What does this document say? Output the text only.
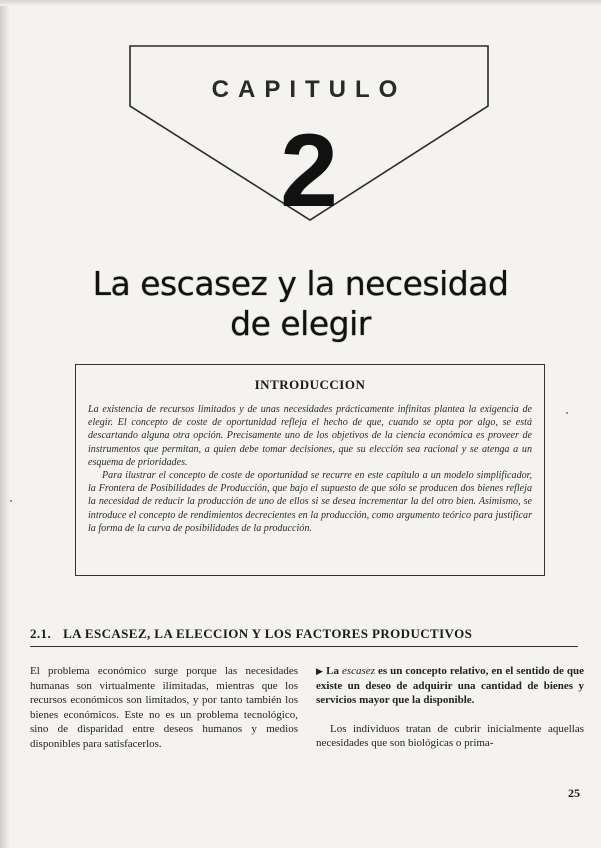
CAPITULO
2
La escasez y la necesidad
de elegir
INTRODUCCION

La existencia de recursos limitados y de unas necesidades prácticamente infinitas plantea la exigencia de elegir. El concepto de coste de oportunidad refleja el hecho de que, cuando se opta por algo, se está descartando alguna otra opción. Precisamente uno de los objetivos de la ciencia económica es proveer de instrumentos que permitan, a quien debe tomar decisiones, que su elección sea racional y se atenga a un esquema de prioridades.

Para ilustrar el concepto de coste de oportunidad se recurre en este capítulo a un modelo simplificador, la Frontera de Posibilidades de Producción, que bajo el supuesto de que sólo se producen dos bienes refleja la necesidad de reducir la producción de uno de ellos si se desea incrementar la del otro bien. Asimismo, se introduce el concepto de rendimientos decrecientes en la producción, como argumento teórico para justificar la forma de la curva de posibilidades de la producción.

2.1. LA ESCASEZ, LA ELECCION Y LOS FACTORES PRODUCTIVOS

El problema económico surge porque las necesidades humanas son virtualmente ilimitadas, mientras que los recursos económicos son limitados, y por tanto también los bienes económicos. Este no es un problema tecnológico, sino de disparidad entre deseos humanos y medios disponibles para satisfacerlos.

▶ La escasez es un concepto relativo, en el sentido de que existe un deseo de adquirir una cantidad de bienes y servicios mayor que la disponible.

Los individuos tratan de cubrir inicialmente aquellas necesidades que son biológicas o prima-

25
